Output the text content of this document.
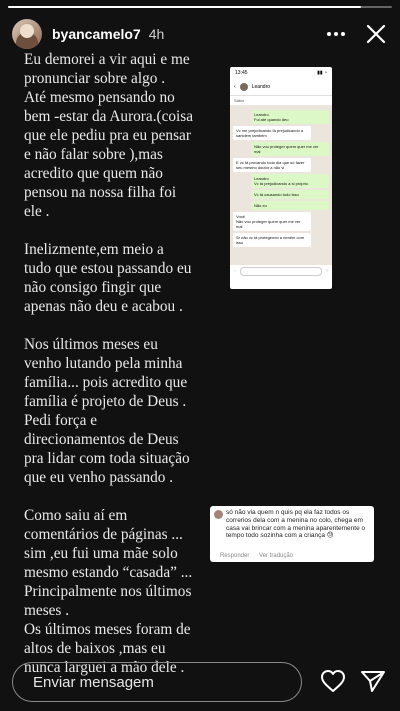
byancamelo7 4h

Eu demorei a vir aqui e me
pronunciar sobre algo .
Até mesmo pensando no
bem -estar da Aurora.(coisa
que ele pediu pra eu pensar
e não falar sobre ),mas
acredito que quem não
pensou na nossa filha foi
ele .

Inelizmente,em meio a
tudo que estou passando eu
não consigo fingir que
apenas não deu e acabou .

Nos últimos meses eu
venho lutando pela minha
família... pois acredito que
família é projeto de Deus .
Pedi força e
direcionamentos de Deus
pra lidar com toda situação
que eu venho passando .

Como saiu aí em
comentários de páginas ...
sim ,eu fui uma mãe solo
mesmo estando “casada” ...
Principalmente nos últimos
meses .
Os últimos meses foram de
altos de baixos ,mas eu
nunca larguei a mão dele .

13:45	▮▮ ◔
‹	Leandro
Sábio
Leandro
Fui até quando deu
Vc me prejudicando tá prejudicando a sanidem também
Não vou proteger quem quer me ver mal
E vc tá provando todo dia que só fazer seu mesmo doutor a não vi
Leandro
Vc tá prejudicando a si próprio
Vc tá causando tudo isso
Não eu
Você
Não vou proteger quem quer me ver mal
Sr não vc tá protegendo a nenêm com isso
+	●
só não via quem n quis pq ela faz todos os correrios dela com a menina no colo, chega em casa vai brincar com a menina aparentemente o tempo todo sozinha com a criança 😓
Responder Ver tradução
Enviar mensagem
